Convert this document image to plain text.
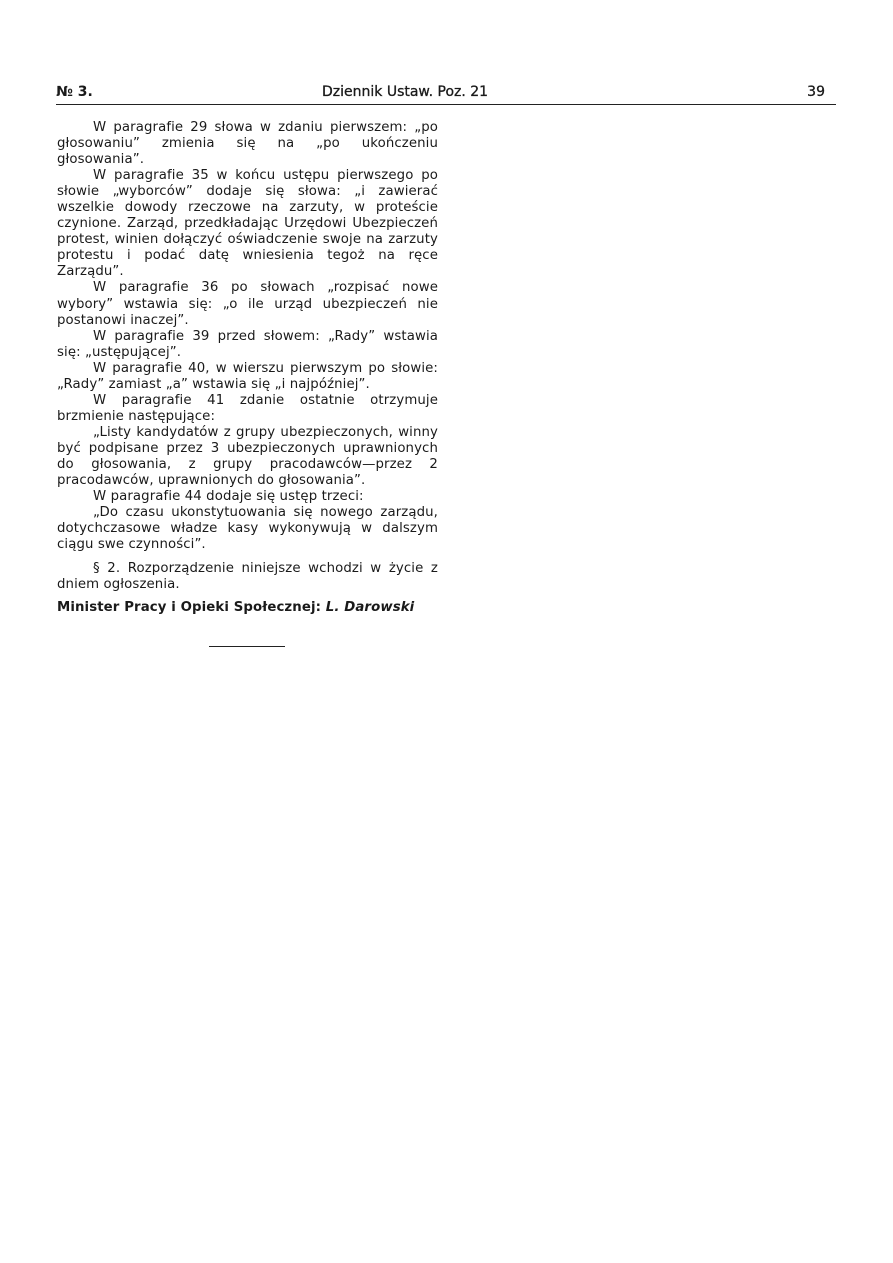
№ 3.	Dziennik Ustaw. Poz. 21	39

W paragrafie 29 słowa w zdaniu pierwszem: „po głosowaniu” zmienia się na „po ukończeniu głosowania”.

W paragrafie 35 w końcu ustępu pierwszego po słowie „wyborców” dodaje się słowa: „i zawierać wszelkie dowody rzeczowe na zarzuty, w proteście czynione. Zarząd, przedkładając Urzędowi Ubezpieczeń protest, winien dołączyć oświadczenie swoje na zarzuty protestu i podać datę wniesienia tegoż na ręce Zarządu”.

W paragrafie 36 po słowach „rozpisać nowe wybory” wstawia się: „o ile urząd ubezpieczeń nie postanowi inaczej”.

W paragrafie 39 przed słowem: „Rady” wstawia się: „ustępującej”.

W paragrafie 40, w wierszu pierwszym po słowie: „Rady” zamiast „a” wstawia się „i najpóźniej”.

W paragrafie 41 zdanie ostatnie otrzymuje brzmienie następujące:

„Listy kandydatów z grupy ubezpieczonych, winny być podpisane przez 3 ubezpieczonych uprawnionych do głosowania, z grupy pracodawców—przez 2 pracodawców, uprawnionych do głosowania”.

W paragrafie 44 dodaje się ustęp trzeci:

„Do czasu ukonstytuowania się nowego zarządu, dotychczasowe władze kasy wykonywują w dalszym ciągu swe czynności”.

§ 2. Rozporządzenie niniejsze wchodzi w życie z dniem ogłoszenia.

Minister Pracy i Opieki Społecznej: L. Darowski
